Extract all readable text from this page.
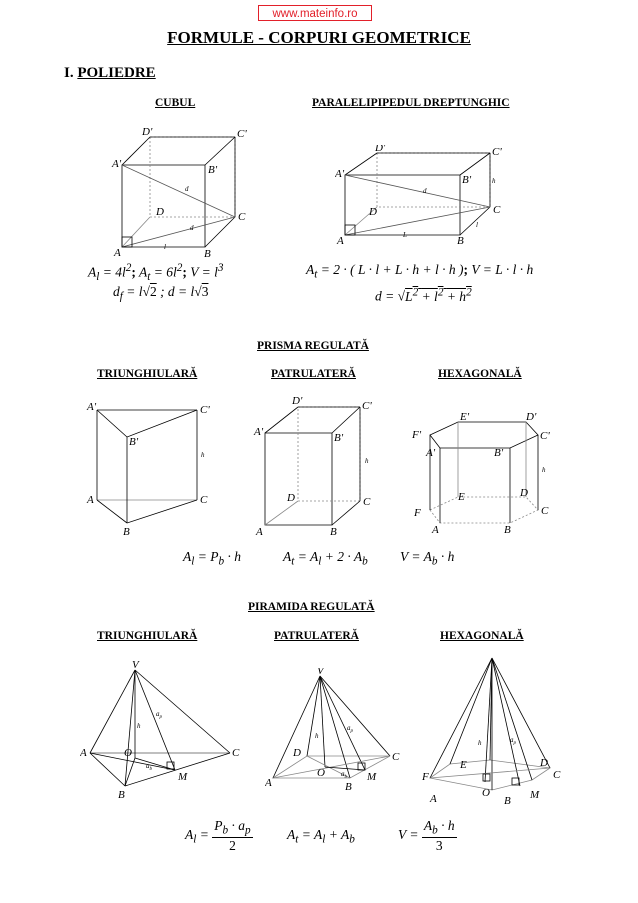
www.mateinfo.ro
FORMULE - CORPURI GEOMETRICE
I. POLIEDRE
CUBUL	PARALELIPIPEDUL DREPTUNGHIC
A'
D'	C'
B'
D	C
A	B
l
d
d
A'
D'	C'
B'
D	C
A	B
L
l
h
d
$A_l = 4l^2$; $A_t = 6l^2$; $V = l^3$
$d_f = l√2$ ; d = l√3
$A_t = 2$ · ( L · l + L · h + l · h ); V = L · l · h
$d = √L^2 + l^2 + h^2$
PRISMA REGULATĂ
TRIUNGHIULARĂ	PATRULATERĂ	HEXAGONALĂ
A'	C'
B'
A	C
B
h
D'	C'
A'	B'
D	C
A	B
h
E'	D'
F'	C'
A'	B'
E	D
F	C
A	B
h
$A_l = P_b \cdot h$	$A_t = A_l + 2 \cdot A_b$ $V = A_b \cdot h$
PIRAMIDA REGULATĂ
TRIUNGHIULARĂ	PATRULATERĂ	HEXAGONALĂ
V
A	C
O
M
B
h
$a_p$
$a_b$
V
D	C
O	M
A	B
h
$a_p$
$a_b$
E	D
F	C
O	M
A	B
h	$a_p$
$A_l = \frac{P_b \cdot a_p}{2}$	$A_t = A_l + A_b$	$V = \frac{A_b \cdot h}{3}$
